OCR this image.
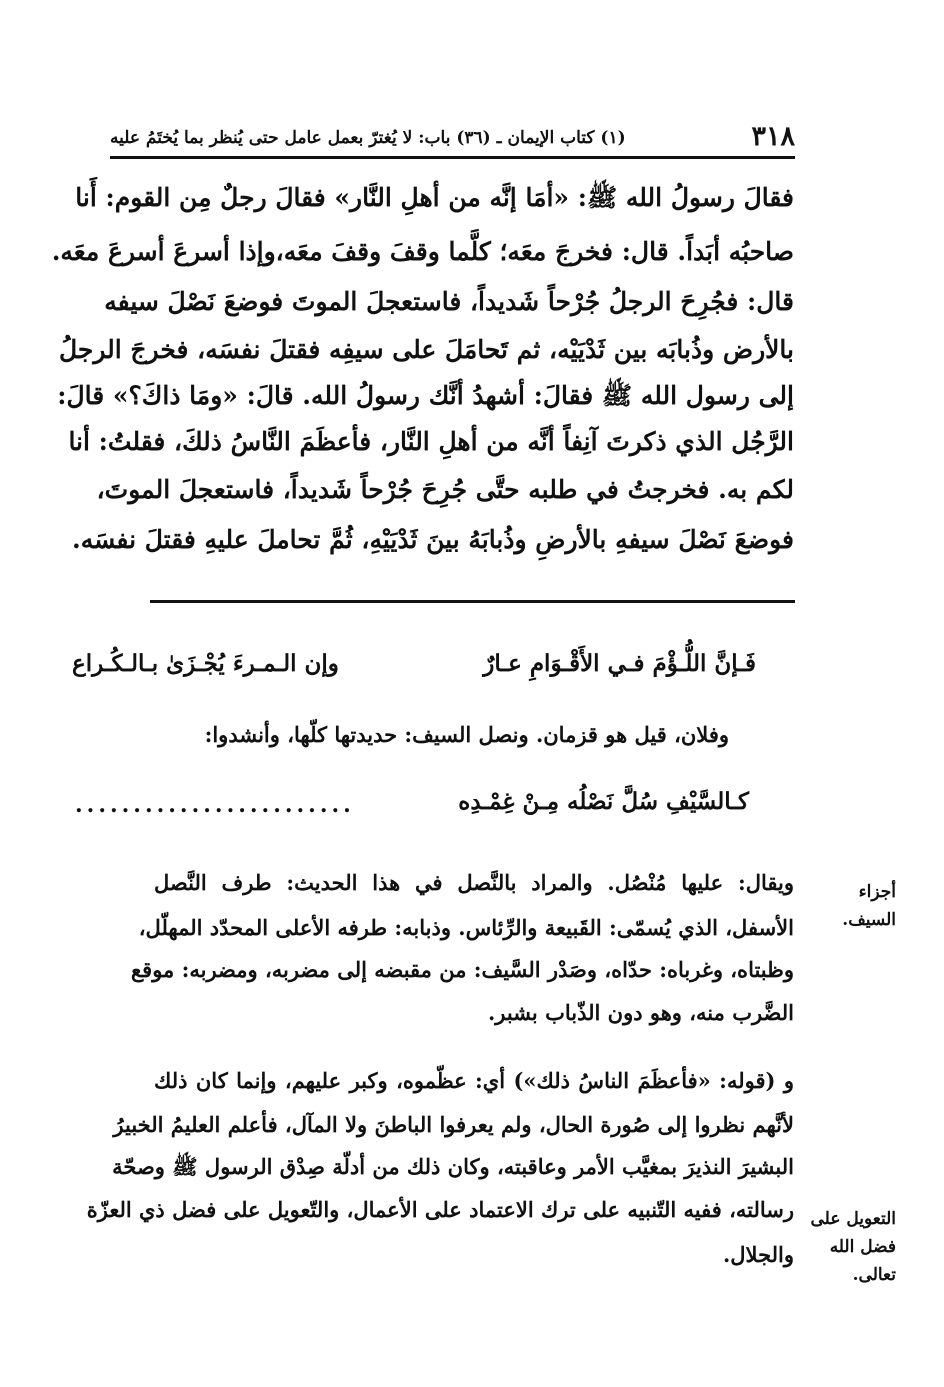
٣١٨
(١) كتاب الإيمان ـ (٣٦) باب: لا يُغترّ بعمل عامل حتى يُنظر بما يُختَمُ عليه
فقالَ رسولُ الله ﷺ: «أمَا إنَّه من أهلِ النَّار» فقالَ رجلٌ مِن القوم: أَنا
صاحبُه أبَداً. قال: فخرجَ معَه؛ كلَّما وقفَ وقفَ معَه،وإذا أسرعَ أسرعَ معَه.
قال: فجُرِحَ الرجلُ جُرْحاً شَديداً، فاستعجلَ الموتَ فوضعَ نَصْلَ سيفه
بالأرض وذُبابَه بين ثَدْيَيْه، ثم تَحامَلَ على سيفِه فقتلَ نفسَه، فخرجَ الرجلُ
إلى رسول الله ﷺ فقالَ: أشهدُ أنَّك رسولُ الله. قالَ: «ومَا ذاكَ؟» قالَ:
الرَّجُل الذي ذكرتَ آنِفاً أنَّه من أهلِ النَّار، فأعظَمَ النَّاسُ ذلكَ، فقلتُ: أنا
لكم به. فخرجتُ في طلبه حتَّى جُرِحَ جُرْحاً شَديداً، فاستعجلَ الموتَ،
فوضعَ نَصْلَ سيفهِ بالأرضِ وذُبابَهُ بينَ ثَدْيَيْهِ، ثُمَّ تحاملَ عليهِ فقتلَ نفسَه.
فَـإنَّ اللُّـؤْمَ فـي الأَقْـوَامِ عـارٌ
وإن الـمـرءَ يُجْـزَىٰ بـالـكُـراع
وفلان، قيل هو قزمان. ونصل السيف: حديدتها كلّها، وأنشدوا:
كـالسَّيْفِ سُلَّ نَصْلُه مِـنْ غِمْـدِه
........................
أجزاء السيف.
ويقال: عليها مُنْصُل. والمراد بالنَّصل في هذا الحديث: طرف النَّصل
الأسفل، الذي يُسمّى: القَبيعة والرِّئاس. وذبابه: طرفه الأعلى المحدّد المهلّل،
وظبتاه، وغرباه: حدّاه، وصَدْر السَّيف: من مقبضه إلى مضربه، ومضربه: موقع
الضَّرب منه، وهو دون الذّباب بشبر.
و (قوله: «فأعظَمَ الناسُ ذلك») أي: عظّموه، وكبر عليهم، وإنما كان ذلك
لأنَّهم نظروا إلى صُورة الحال، ولم يعرفوا الباطنَ ولا المآل، فأعلم العليمُ الخبيرُ
البشيرَ النذيرَ بمغيَّب الأمر وعاقبته، وكان ذلك من أدلّة صِدْق الرسول ﷺ وصحّة
رسالته، ففيه التّنبيه على ترك الاعتماد على الأعمال، والتّعويل على فضل ذي العزّة
والجلال.
التعويل على
فضل الله
تعالى.
